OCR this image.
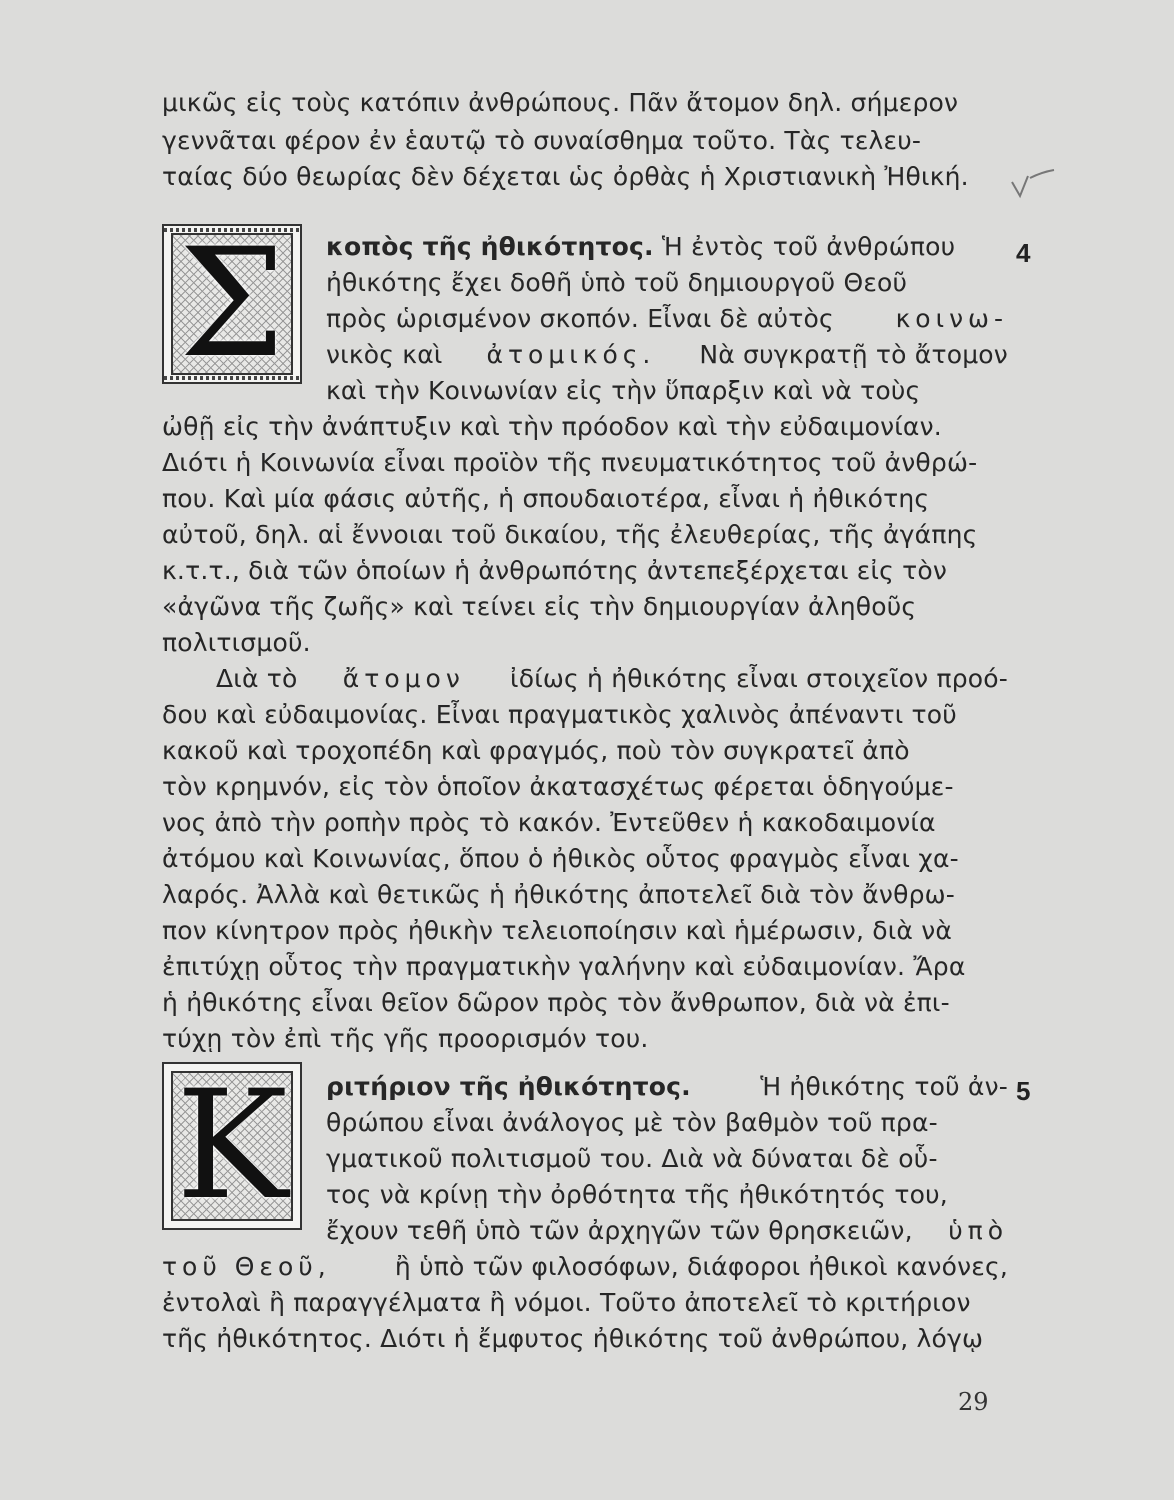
μικῶς εἰς τοὺς κατόπιν ἀνθρώπους. Πᾶν ἄτομον δηλ. σήμερον
γεννᾶται φέρον ἐν ἑαυτῷ τὸ συναίσθημα τοῦτο. Τὰς τελευ-
ταίας δύο θεωρίας δὲν δέχεται ὡς ὀρθὰς ἡ Χριστιανικὴ Ἠθική.
Σ κοπὸς τῆς ἠθικότητος. Ἡ ἐντὸς τοῦ ἀνθρώπου 4
ἠθικότης ἔχει δοθῆ ὑπὸ τοῦ δημιουργοῦ Θεοῦ
πρὸς ὡρισμένον σκοπόν. Εἶναι δὲ αὐτὸς κοινω-
νικὸς καὶ ἀτομικός. Νὰ συγκρατῇ τὸ ἄτομον
καὶ τὴν Κοινωνίαν εἰς τὴν ὕπαρξιν καὶ νὰ τοὺς
ὠθῇ εἰς τὴν ἀνάπτυξιν καὶ τὴν πρόοδον καὶ τὴν εὐδαιμονίαν.
Διότι ἡ Κοινωνία εἶναι προϊὸν τῆς πνευματικότητος τοῦ ἀνθρώ-
που. Καὶ μία φάσις αὐτῆς, ἡ σπουδαιοτέρα, εἶναι ἡ ἠθικότης
αὐτοῦ, δηλ. αἱ ἔννοιαι τοῦ δικαίου, τῆς ἐλευθερίας, τῆς ἀγάπης
κ.τ.τ., διὰ τῶν ὁποίων ἡ ἀνθρωπότης ἀντεπεξέρχεται εἰς τὸν
«ἀγῶνα τῆς ζωῆς» καὶ τείνει εἰς τὴν δημιουργίαν ἀληθοῦς
πολιτισμοῦ.
Διὰ τὸ ἄτομον ἰδίως ἡ ἠθικότης εἶναι στοιχεῖον προό-
δου καὶ εὐδαιμονίας. Εἶναι πραγματικὸς χαλινὸς ἀπέναντι τοῦ
κακοῦ καὶ τροχοπέδη καὶ φραγμός, ποὺ τὸν συγκρατεῖ ἀπὸ
τὸν κρημνόν, εἰς τὸν ὁποῖον ἀκατασχέτως φέρεται ὁδηγούμε-
νος ἀπὸ τὴν ροπὴν πρὸς τὸ κακόν. Ἐντεῦθεν ἡ κακοδαιμονία
ἀτόμου καὶ Κοινωνίας, ὅπου ὁ ἠθικὸς οὗτος φραγμὸς εἶναι χα-
λαρός. Ἀλλὰ καὶ θετικῶς ἡ ἠθικότης ἀποτελεῖ διὰ τὸν ἄνθρω-
πον κίνητρον πρὸς ἠθικὴν τελειοποίησιν καὶ ἡμέρωσιν, διὰ νὰ
ἐπιτύχῃ οὗτος τὴν πραγματικὴν γαλήνην καὶ εὐδαιμονίαν. Ἄρα
ἡ ἠθικότης εἶναι θεῖον δῶρον πρὸς τὸν ἄνθρωπον, διὰ νὰ ἐπι-
τύχῃ τὸν ἐπὶ τῆς γῆς προορισμόν του.
Κ ριτήριον τῆς ἠθικότητος.	Ἡ ἠθικότης τοῦ ἀν- 5
θρώπου εἶναι ἀνάλογος μὲ τὸν βαθμὸν τοῦ πρα-
γματικοῦ πολιτισμοῦ του. Διὰ νὰ δύναται δὲ οὗ-
τος νὰ κρίνῃ τὴν ὀρθότητα τῆς ἠθικότητός του,
ἔχουν τεθῆ ὑπὸ τῶν ἀρχηγῶν τῶν θρησκειῶν, ὑπὸ
τοῦ Θεοῦ,	ἢ ὑπὸ τῶν φιλοσόφων, διάφοροι ἠθικοὶ κανόνες,
ἐντολαὶ ἢ παραγγέλματα ἢ νόμοι. Τοῦτο ἀποτελεῖ τὸ κριτήριον
τῆς ἠθικότητος. Διότι ἡ ἔμφυτος ἠθικότης τοῦ ἀνθρώπου, λόγῳ
29
